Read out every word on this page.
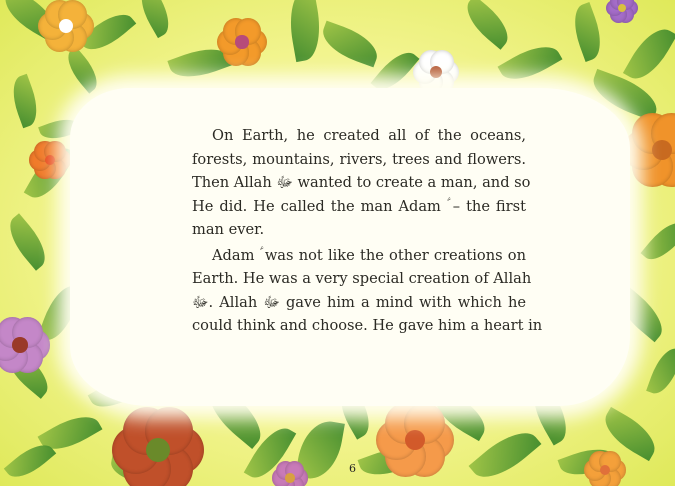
On Earth, he created all of the oceans,
forests, mountains, rivers, trees and flowers.
Then Allah ﷻ wanted to create a man, and so
He did. He called the man Adam ؑ – the first
man ever.
Adam ؑ was not like the other creations on
Earth. He was a very special creation of Allah
ﷻ. Allah ﷻ gave him a mind with which he
could think and choose. He gave him a heart in
6
